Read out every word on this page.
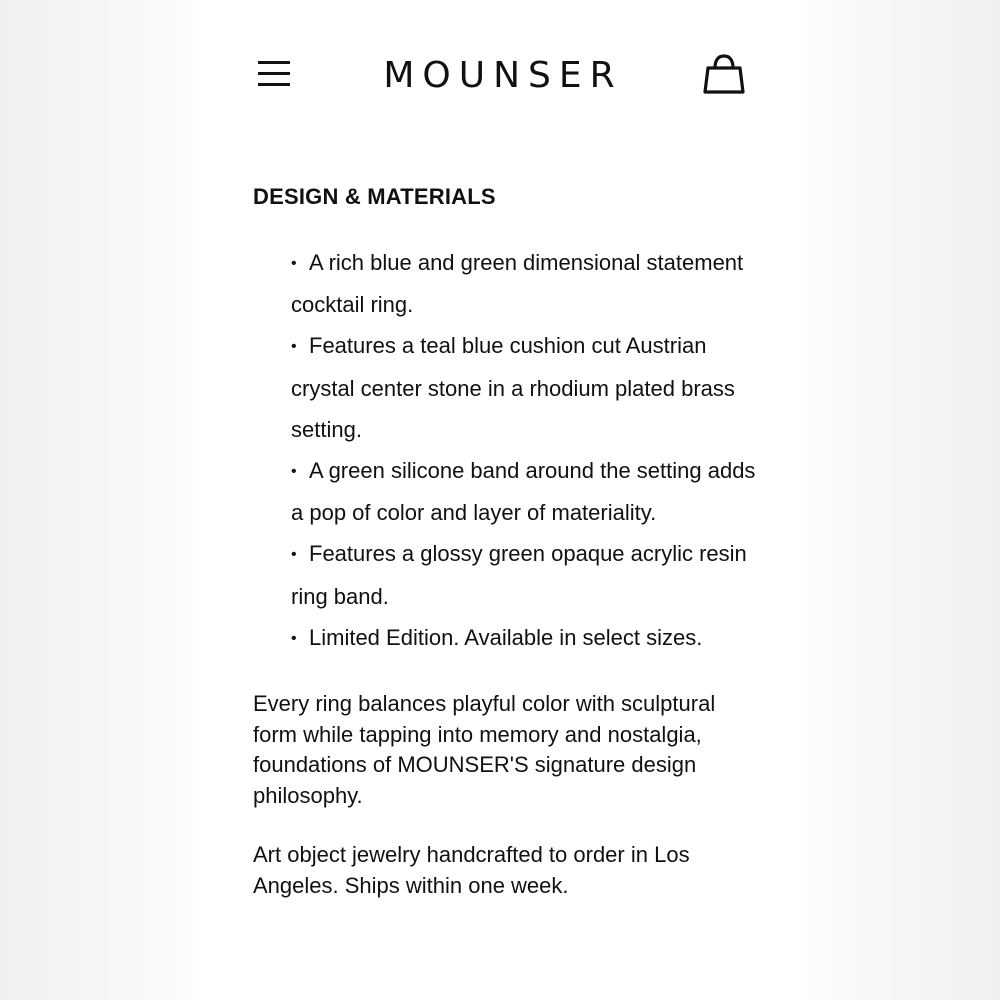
MOUNSER
DESIGN & MATERIALS
• A rich blue and green dimensional statement cocktail ring.
• Features a teal blue cushion cut Austrian crystal center stone in a rhodium plated brass setting.
• A green silicone band around the setting adds a pop of color and layer of materiality.
• Features a glossy green opaque acrylic resin ring band.
• Limited Edition. Available in select sizes.

Every ring balances playful color with sculptural form while tapping into memory and nostalgia, foundations of MOUNSER'S signature design philosophy.

Art object jewelry handcrafted to order in Los Angeles. Ships within one week.
